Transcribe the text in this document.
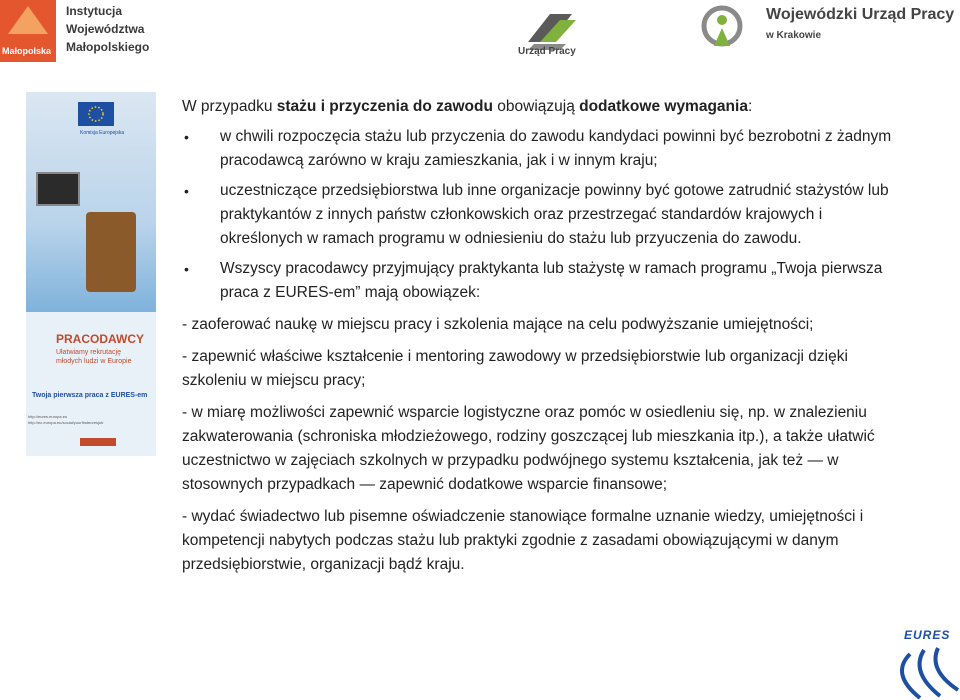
Małopolska
Instytucja
Województwa
Małopolskiego	Urząd Pracy
Wojewódzki Urząd Pracy
w Krakowie
Komisja Europejska
PRACODAWCY
Ułatwiamy rekrutację młodych ludzi w Europie
Twoja pierwsza praca z EURES-em
http://eures.europa.eu
http://ec.europa.eu/social/yourfirsteuresjob

W przypadku stażu i przyczenia do zawodu obowiązują dodatkowe wymagania:

• w chwili rozpoczęcia stażu lub przyczenia do zawodu kandydaci powinni być bezrobotni z żadnym pracodawcą zarówno w kraju zamieszkania, jak i w innym kraju;
• uczestniczące przedsiębiorstwa lub inne organizacje powinny być gotowe zatrudnić stażystów lub praktykantów z innych państw członkowskich oraz przestrzegać standardów krajowych i określonych w ramach programu w odniesieniu do stażu lub przyuczenia do zawodu.
• Wszyscy pracodawcy przyjmujący praktykanta lub stażystę w ramach programu „Twoja pierwsza praca z EURES-em” mają obowiązek:

- zaoferować naukę w miejscu pracy i szkolenia mające na celu podwyższanie umiejętności;

- zapewnić właściwe kształcenie i mentoring zawodowy w przedsiębiorstwie lub organizacji dzięki szkoleniu w miejscu pracy;

- w miarę możliwości zapewnić wsparcie logistyczne oraz pomóc w osiedleniu się, np. w znalezieniu zakwaterowania (schroniska młodzieżowego, rodziny goszczącej lub mieszkania itp.), a także ułatwić uczestnictwo w zajęciach szkolnych w przypadku podwójnego systemu kształcenia, jak też — w stosownych przypadkach — zapewnić dodatkowe wsparcie finansowe;

- wydać świadectwo lub pisemne oświadczenie stanowiące formalne uznanie wiedzy, umiejętności i kompetencji nabytych podczas stażu lub praktyki zgodnie z zasadami obowiązującymi w danym przedsiębiorstwie, organizacji bądź kraju.

EURES
